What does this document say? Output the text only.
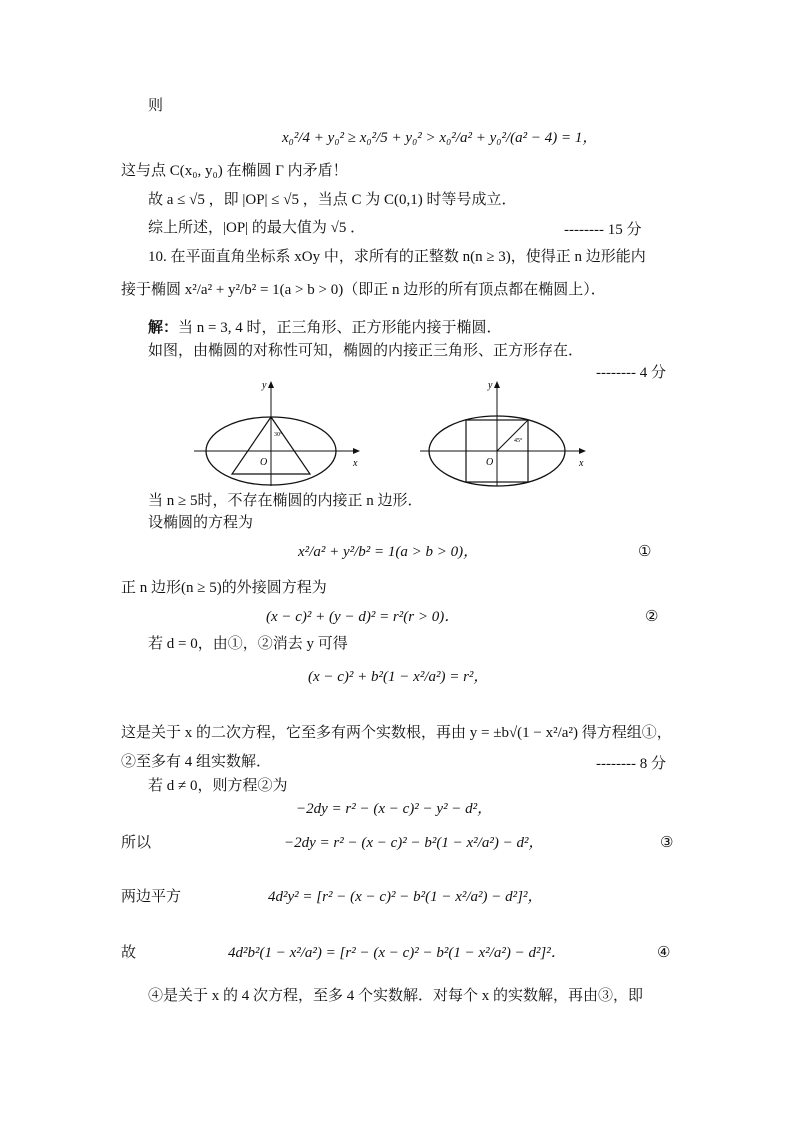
则
x₀²/4 + y₀² ≥ x₀²/5 + y₀² > x₀²/a² + y₀²/(a² − 4) = 1，
这与点 C(x₀, y₀) 在椭圆 Γ 内矛盾！
故 a ≤ √5 ，即 |OP| ≤ √5 ，当点 C 为 C(0,1) 时等号成立．
综上所述，|OP| 的最大值为 √5 ．	-------- 15 分
10. 在平面直角坐标系 xOy 中，求所有的正整数 n(n ≥ 3)，使得正 n 边形能内
接于椭圆 x²/a² + y²/b² = 1(a > b > 0)（即正 n 边形的所有顶点都在椭圆上）．
解：当 n = 3, 4 时，正三角形、正方形能内接于椭圆．
如图，由椭圆的对称性可知，椭圆的内接正三角形、正方形存在．
-------- 4 分
y
x
O
30°
y
x
O
45°
当 n ≥ 5时，不存在椭圆的内接正 n 边形．
设椭圆的方程为
x²/a² + y²/b² = 1(a > b > 0)，	①
正 n 边形(n ≥ 5)的外接圆方程为
(x − c)² + (y − d)² = r²(r > 0)．	②
若 d = 0，由①，②消去 y 可得
(x − c)² + b²(1 − x²/a²) = r²，
这是关于 x 的二次方程，它至多有两个实数根，再由 y = ±b√(1 − x²/a²) 得方程组①，
②至多有 4 组实数解．	-------- 8 分
若 d ≠ 0，则方程②为
−2dy = r² − (x − c)² − y² − d²，
所以	−2dy = r² − (x − c)² − b²(1 − x²/a²) − d²，	③
两边平方	4d²y² = [r² − (x − c)² − b²(1 − x²/a²) − d²]²，
故	4d²b²(1 − x²/a²) = [r² − (x − c)² − b²(1 − x²/a²) − d²]²．	④
④是关于 x 的 4 次方程，至多 4 个实数解．对每个 x 的实数解，再由③，即
